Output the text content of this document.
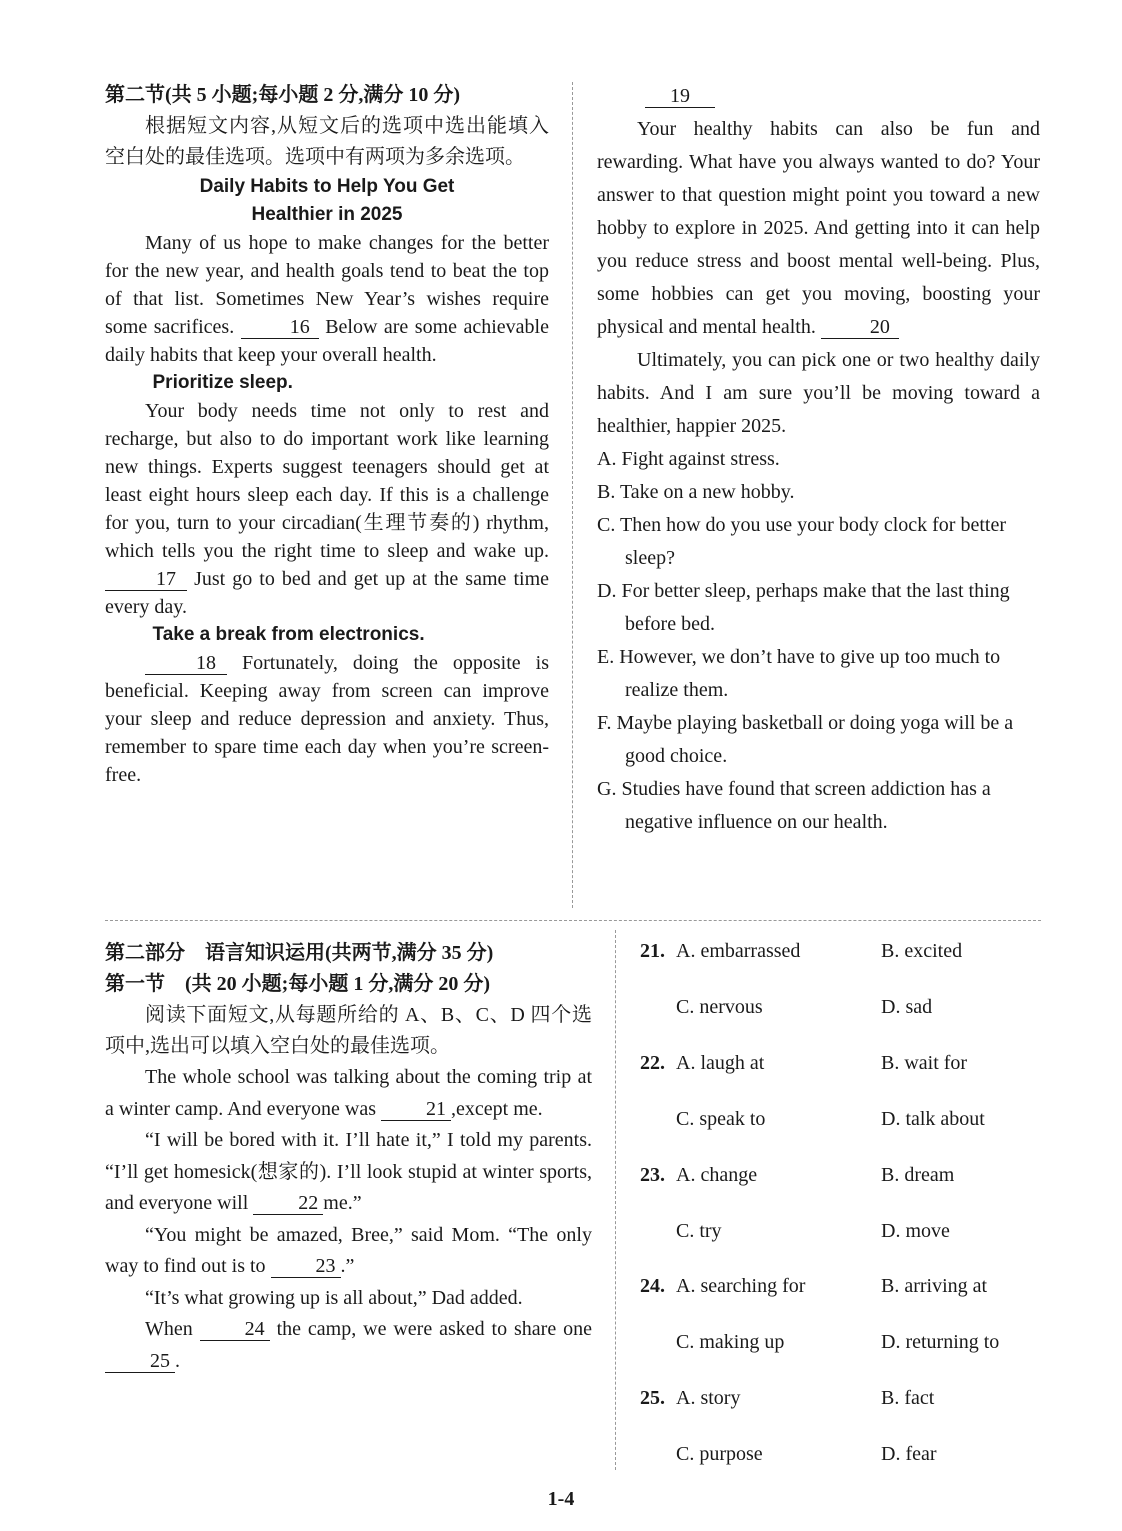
第二节(共 5 小题;每小题 2 分,满分 10 分)

根据短文内容,从短文后的选项中选出能填入空白处的最佳选项。选项中有两项为多余选项。

Daily Habits to Help You Get
Healthier in 2025

Many of us hope to make changes for the better for the new year, and health goals tend to beat the top of that list. Sometimes New Year’s wishes require some sacrifices.	16 Below are some achievable daily habits that keep your overall health.

Prioritize sleep.

Your body needs time not only to rest and recharge, but also to do important work like learning new things. Experts suggest teenagers should get at least eight hours sleep each day. If this is a challenge for you, turn to your circadian(生理节奏的) rhythm, which tells you the right time to sleep and wake up. 17 Just go to bed and get up at the same time every day.

Take a break from electronics.

18 Fortunately, doing the opposite is beneficial. Keeping away from screen can improve your sleep and reduce depression and anxiety. Thus, remember to spare time each day when you’re screen-free.

19

Your healthy habits can also be fun and rewarding. What have you always wanted to do? Your answer to that question might point you toward a new hobby to explore in 2025. And getting into it can help you reduce stress and boost mental well-being. Plus, some hobbies can get you moving, boosting your physical and mental health.	20

Ultimately, you can pick one or two healthy daily habits. And I am sure you’ll be moving toward a healthier, happier 2025.

A. Fight against stress.

B. Take on a new hobby.

C. Then how do you use your body clock for better sleep?

D. For better sleep, perhaps make that the last thing before bed.

E. However, we don’t have to give up too much to realize them.

F. Maybe playing basketball or doing yoga will be a good choice.

G. Studies have found that screen addiction has a negative influence on our health.

第二部分　语言知识运用(共两节,满分 35 分)

第一节　(共 20 小题;每小题 1 分,满分 20 分)

阅读下面短文,从每题所给的 A、B、C、D 四个选项中,选出可以填入空白处的最佳选项。

The whole school was talking about the coming trip at a winter camp. And everyone was	21 ,except me.

“I will be bored with it. I’ll hate it,” I told my parents. “I’ll get homesick(想家的). I’ll look stupid at winter sports, and everyone will	22 me.”

“You might be amazed, Bree,” said Mom. “The only way to find out is to	23 .”

“It’s what growing up is all about,” Dad added.

When	24 the camp, we were asked to share one 25 .

21. A. embarrassed	B. excited
C. nervous	D. sad
22. A. laugh at	B. wait for
C. speak to	D. talk about
23. A. change	B. dream
C. try	D. move
24. A. searching for	B. arriving at
C. making up	D. returning to
25. A. story	B. fact
C. purpose	D. fear
1-4
